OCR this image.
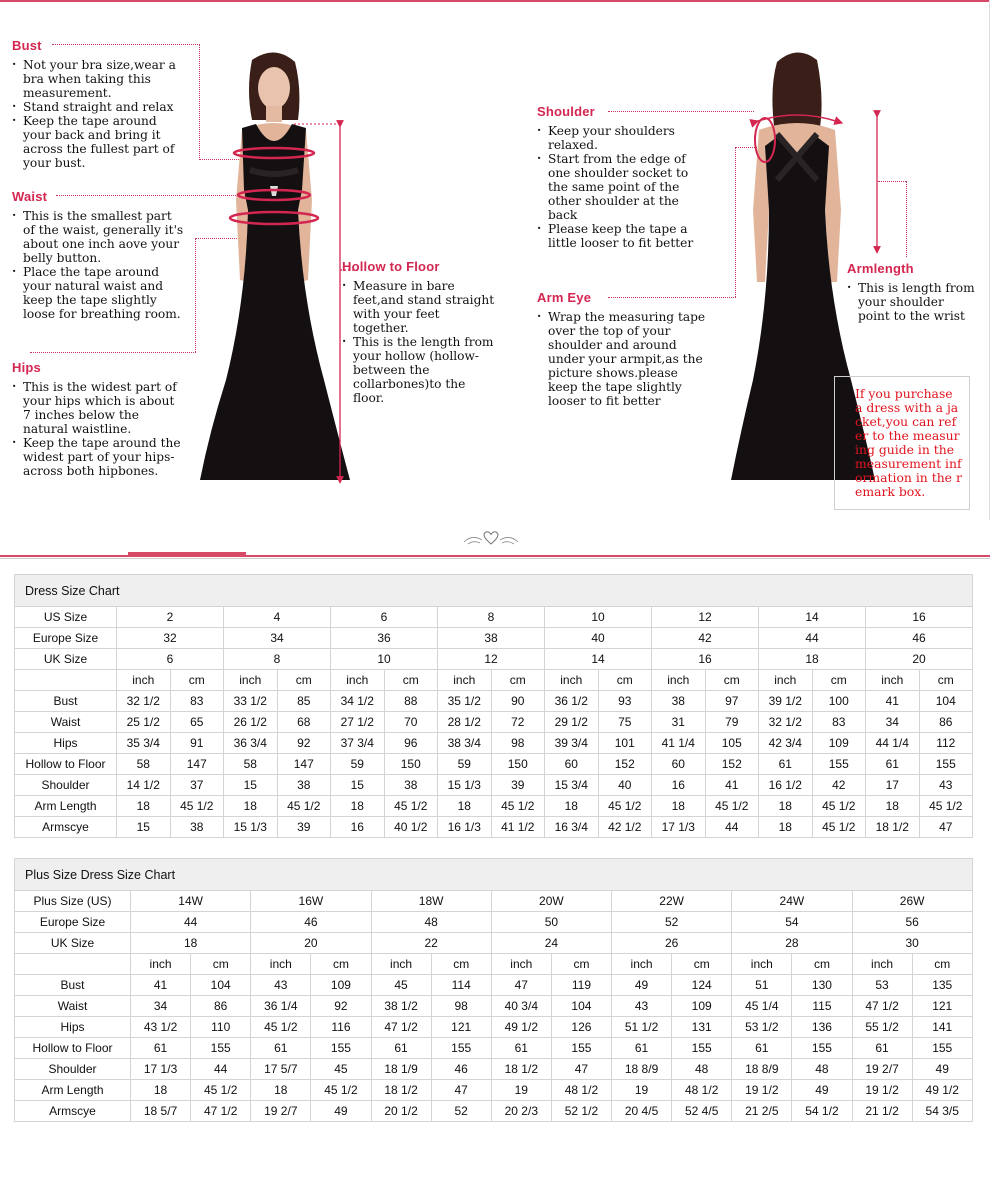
Bust
· Not your bra size,wear a bra when taking this measurement.
· Stand straight and relax
· Keep the tape around your back and bring it across the fullest part of your bust.
Waist
· This is the smallest part of the waist, generally it's about one inch aove your belly button.
· Place the tape around your natural waist and keep the tape slightly loose for breathing room.
Hips
· This is the widest part of your hips which is about 7 inches below the natural waistline.
· Keep the tape around the widest part of your hips-across both hipbones.
Hollow to Floor
· Measure in bare feet,and stand straight with your feet together.
· This is the length from your hollow (hollow-between the collarbones)to the floor.
Shoulder
· Keep your shoulders relaxed.
· Start from the edge of one shoulder socket to the same point of the other shoulder at the back
· Please keep the tape a little looser to fit better
Arm Eye
· Wrap the measuring tape over the top of your shoulder and around under your armpit,as the picture shows.please keep the tape slightly looser to fit better
Armlength
· This is length from your shoulder point to the wrist
If you purchase a dress with a jacket,you can refer to the measuring guide in the measurement information in the remark box.
Dress Size Chart																
US Size	2		4		6		8		10		12		14		16	
Europe Size	32		34		36		38		40		42		44		46	
UK Size	6		8		10		12		14		16		18		20	
	inch	cm	inch	cm	inch	cm	inch	cm	inch	cm	inch	cm	inch	cm	inch	cm
Bust	32 1/2	83	33 1/2	85	34 1/2	88	35 1/2	90	36 1/2	93	38	97	39 1/2	100	41	104
Waist	25 1/2	65	26 1/2	68	27 1/2	70	28 1/2	72	29 1/2	75	31	79	32 1/2	83	34	86
Hips	35 3/4	91	36 3/4	92	37 3/4	96	38 3/4	98	39 3/4	101	41 1/4	105	42 3/4	109	44 1/4	112
Hollow to Floor	58	147	58	147	59	150	59	150	60	152	60	152	61	155	61	155
Shoulder	14 1/2	37	15	38	15	38	15 1/3	39	15 3/4	40	16	41	16 1/2	42	17	43
Arm Length	18	45 1/2	18	45 1/2	18	45 1/2	18	45 1/2	18	45 1/2	18	45 1/2	18	45 1/2	18	45 1/2
Armscye	15	38	15 1/3	39	16	40 1/2	16 1/3	41 1/2	16 3/4	42 1/2	17 1/3	44	18	45 1/2	18 1/2	47
Plus Size Dress Size Chart														
Plus Size (US)	14W		16W		18W		20W		22W		24W		26W	
Europe Size	44		46		48		50		52		54		56	
UK Size	18		20		22		24		26		28		30	
	inch	cm	inch	cm	inch	cm	inch	cm	inch	cm	inch	cm	inch	cm
Bust	41	104	43	109	45	114	47	119	49	124	51	130	53	135
Waist	34	86	36 1/4	92	38 1/2	98	40 3/4	104	43	109	45 1/4	115	47 1/2	121
Hips	43 1/2	110	45 1/2	116	47 1/2	121	49 1/2	126	51 1/2	131	53 1/2	136	55 1/2	141
Hollow to Floor	61	155	61	155	61	155	61	155	61	155	61	155	61	155
Shoulder	17 1/3	44	17 5/7	45	18 1/9	46	18 1/2	47	18 8/9	48	18 8/9	48	19 2/7	49
Arm Length	18	45 1/2	18	45 1/2	18 1/2	47	19	48 1/2	19	48 1/2	19 1/2	49	19 1/2	49 1/2
Armscye	18 5/7	47 1/2	19 2/7	49	20 1/2	52	20 2/3	52 1/2	20 4/5	52 4/5	21 2/5	54 1/2	21 1/2	54 3/5
